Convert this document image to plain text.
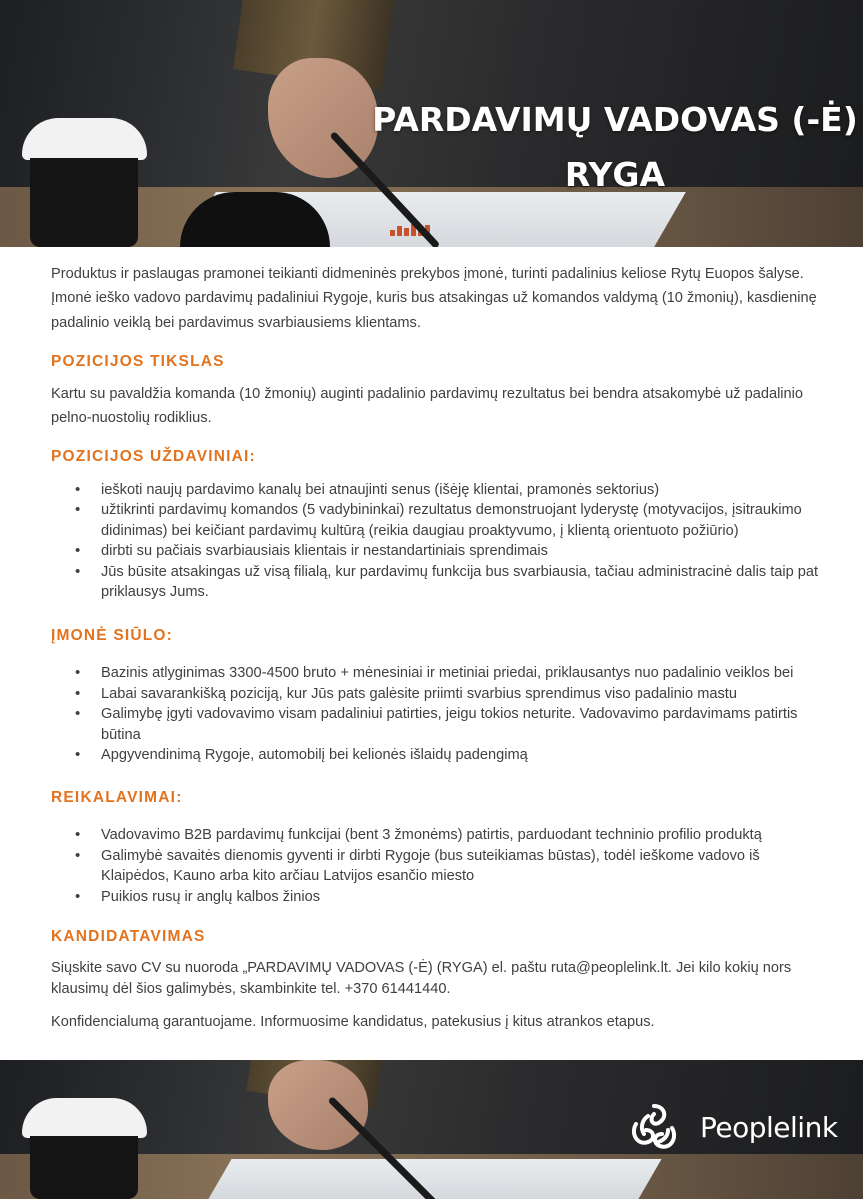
PARDAVIMŲ VADOVAS (-Ė)
RYGA

Produktus ir paslaugas pramonei teikianti didmeninės prekybos įmonė, turinti padalinius keliose Rytų Euopos šalyse. Įmonė ieško vadovo pardavimų padaliniui Rygoje, kuris bus atsakingas už komandos valdymą (10 žmonių), kasdieninę padalinio veiklą bei pardavimus svarbiausiems klientams.

POZICIJOS TIKSLAS

Kartu su pavaldžia komanda (10 žmonių) auginti padalinio pardavimų rezultatus bei bendra atsakomybė už padalinio pelno-nuostolių rodiklius.

POZICIJOS UŽDAVINIAI:
• ieškoti naujų pardavimo kanalų bei atnaujinti senus (išėję klientai, pramonės sektorius)
• užtikrinti pardavimų komandos (5 vadybininkai) rezultatus demonstruojant lyderystę (motyvacijos, įsitraukimo didinimas) bei keičiant pardavimų kultūrą (reikia daugiau proaktyvumo, į klientą orientuoto požiūrio)
• dirbti su pačiais svarbiausiais klientais ir nestandartiniais sprendimais
• Jūs būsite atsakingas už visą filialą, kur pardavimų funkcija bus svarbiausia, tačiau administracinė dalis taip pat priklausys Jums.
ĮMONĖ SIŪLO:
• Bazinis atlyginimas 3300-4500 bruto + mėnesiniai ir metiniai priedai, priklausantys nuo padalinio veiklos bei
• Labai savarankišką poziciją, kur Jūs pats galėsite priimti svarbius sprendimus viso padalinio mastu
• Galimybę įgyti vadovavimo visam padaliniui patirties, jeigu tokios neturite. Vadovavimo pardavimams patirtis būtina
• Apgyvendinimą Rygoje, automobilį bei kelionės išlaidų padengimą
REIKALAVIMAI:
• Vadovavimo B2B pardavimų funkcijai (bent 3 žmonėms) patirtis, parduodant techninio profilio produktą
• Galimybė savaitės dienomis gyventi ir dirbti Rygoje (bus suteikiamas būstas), todėl ieškome vadovo iš Klaipėdos, Kauno arba kito arčiau Latvijos esančio miesto
• Puikios rusų ir anglų kalbos žinios
KANDIDATAVIMAS

Siųskite savo CV su nuoroda „PARDAVIMŲ VADOVAS (-Ė) (RYGA) el. paštu ruta@peoplelink.lt. Jei kilo kokių nors klausimų dėl šios galimybės, skambinkite tel. +370 61441440.

Konfidencialumą garantuojame. Informuosime kandidatus, patekusius į kitus atrankos etapus.

Peoplelink
